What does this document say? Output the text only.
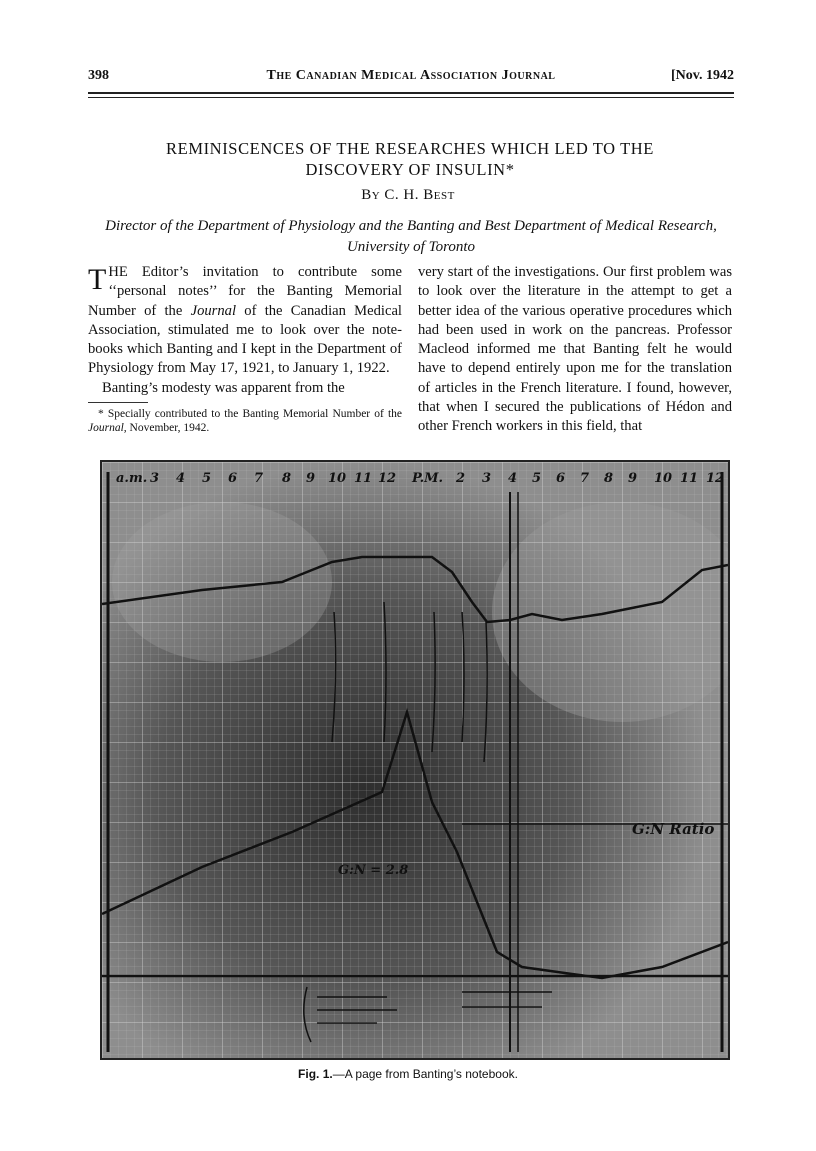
398	The Canadian Medical Association Journal	[Nov. 1942
REMINISCENCES OF THE RESEARCHES WHICH LED TO THE
DISCOVERY OF INSULIN*
By C. H. Best
Director of the Department of Physiology and the Banting and Best Department of Medical Research, University of Toronto

THE Editor’s invitation to contribute some ‘‘personal notes’’ for the Banting Memorial Number of the Journal of the Canadian Medical Association, stimulated me to look over the note-books which Banting and I kept in the Department of Physiology from May 17, 1921, to January 1, 1922.

Banting’s modesty was apparent from the

* Specially contributed to the Banting Memorial Number of the Journal, November, 1942.

very start of the investigations. Our first problem was to look over the literature in the attempt to get a better idea of the various operative procedures which had been used in work on the pancreas. Professor Macleod informed me that Banting felt he would have to depend entirely upon me for the translation of articles in the French literature. I found, however, that when I secured the publications of Hédon and other French workers in this field, that

a.m. 3 4 5 6 7 8 9 10 11 12 P.M. 2 3 4 5 6 7 8 9 10 11 12
G:N Ratio
G:N = 2.8
Fig. 1.—A page from Banting’s notebook.
